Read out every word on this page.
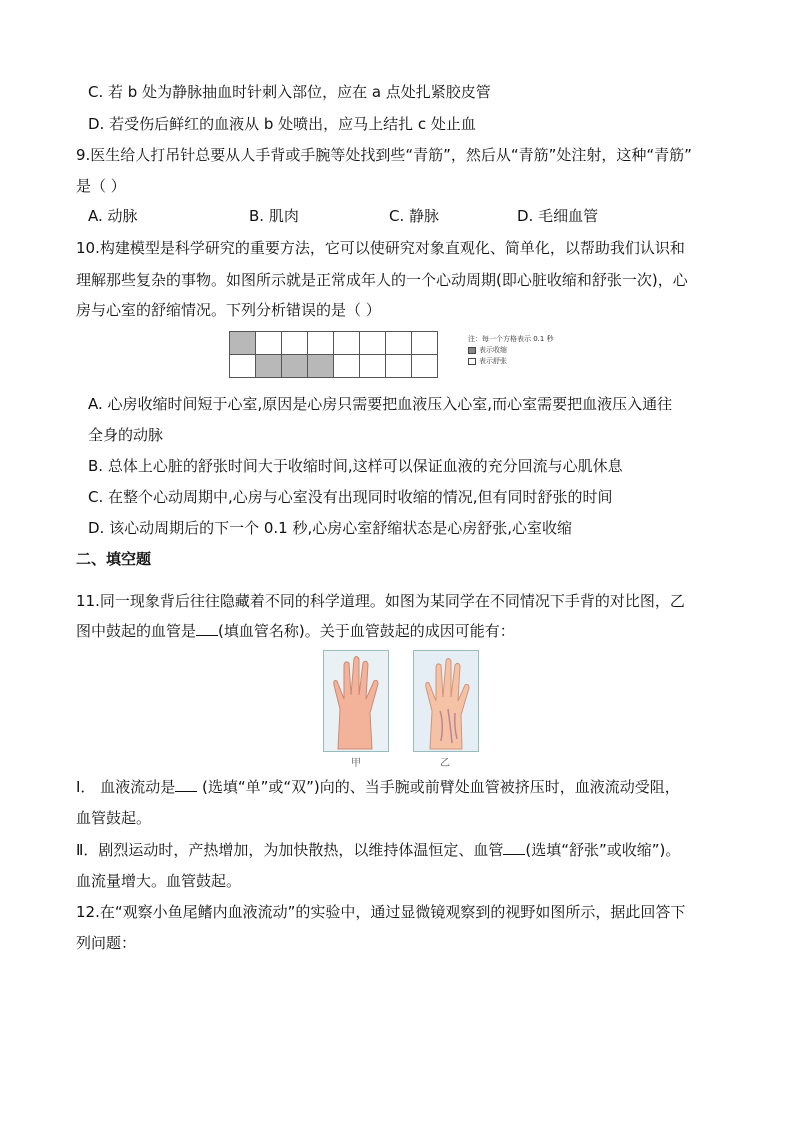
C. 若 b 处为静脉抽血时针刺入部位，应在 a 点处扎紧胶皮管
D. 若受伤后鲜红的血液从 b 处喷出，应马上结扎 c 处止血
9.医生给人打吊针总要从人手背或手腕等处找到些“青筋”，然后从“青筋”处注射，这种“青筋”
是（ ）
A. 动脉	B. 肌肉	C. 静脉	D. 毛细血管
10.构建模型是科学研究的重要方法，它可以使研究对象直观化、简单化，以帮助我们认识和
理解那些复杂的事物。如图所示就是正常成年人的一个心动周期(即心脏收缩和舒张一次)，心
房与心室的舒缩情况。下列分析错误的是（ ）

注：每一个方格表示 0.1 秒
表示收缩
表示舒张
A. 心房收缩时间短于心室,原因是心房只需要把血液压入心室,而心室需要把血液压入通往
全身的动脉
B. 总体上心脏的舒张时间大于收缩时间,这样可以保证血液的充分回流与心肌休息
C. 在整个心动周期中,心房与心室没有出现同时收缩的情况,但有同时舒张的时间
D. 该心动周期后的下一个 0.1 秒,心房心室舒缩状态是心房舒张,心室收缩
二、填空题
11.同一现象背后往往隐藏着不同的科学道理。如图为某同学在不同情况下手背的对比图，乙
图中鼓起的血管是 (填血管名称)。关于血管鼓起的成因可能有：
甲	乙
Ⅰ． 血液流动是 (选填“单”或“双”)向的、当手腕或前臂处血管被挤压时，血液流动受阻，
血管鼓起。
Ⅱ．剧烈运动时，产热增加，为加快散热，以维持体温恒定、血管 (选填“舒张”或收缩”)。
血流量增大。血管鼓起。
12.在“观察小鱼尾鳍内血液流动”的实验中，通过显微镜观察到的视野如图所示，据此回答下
列问题：
